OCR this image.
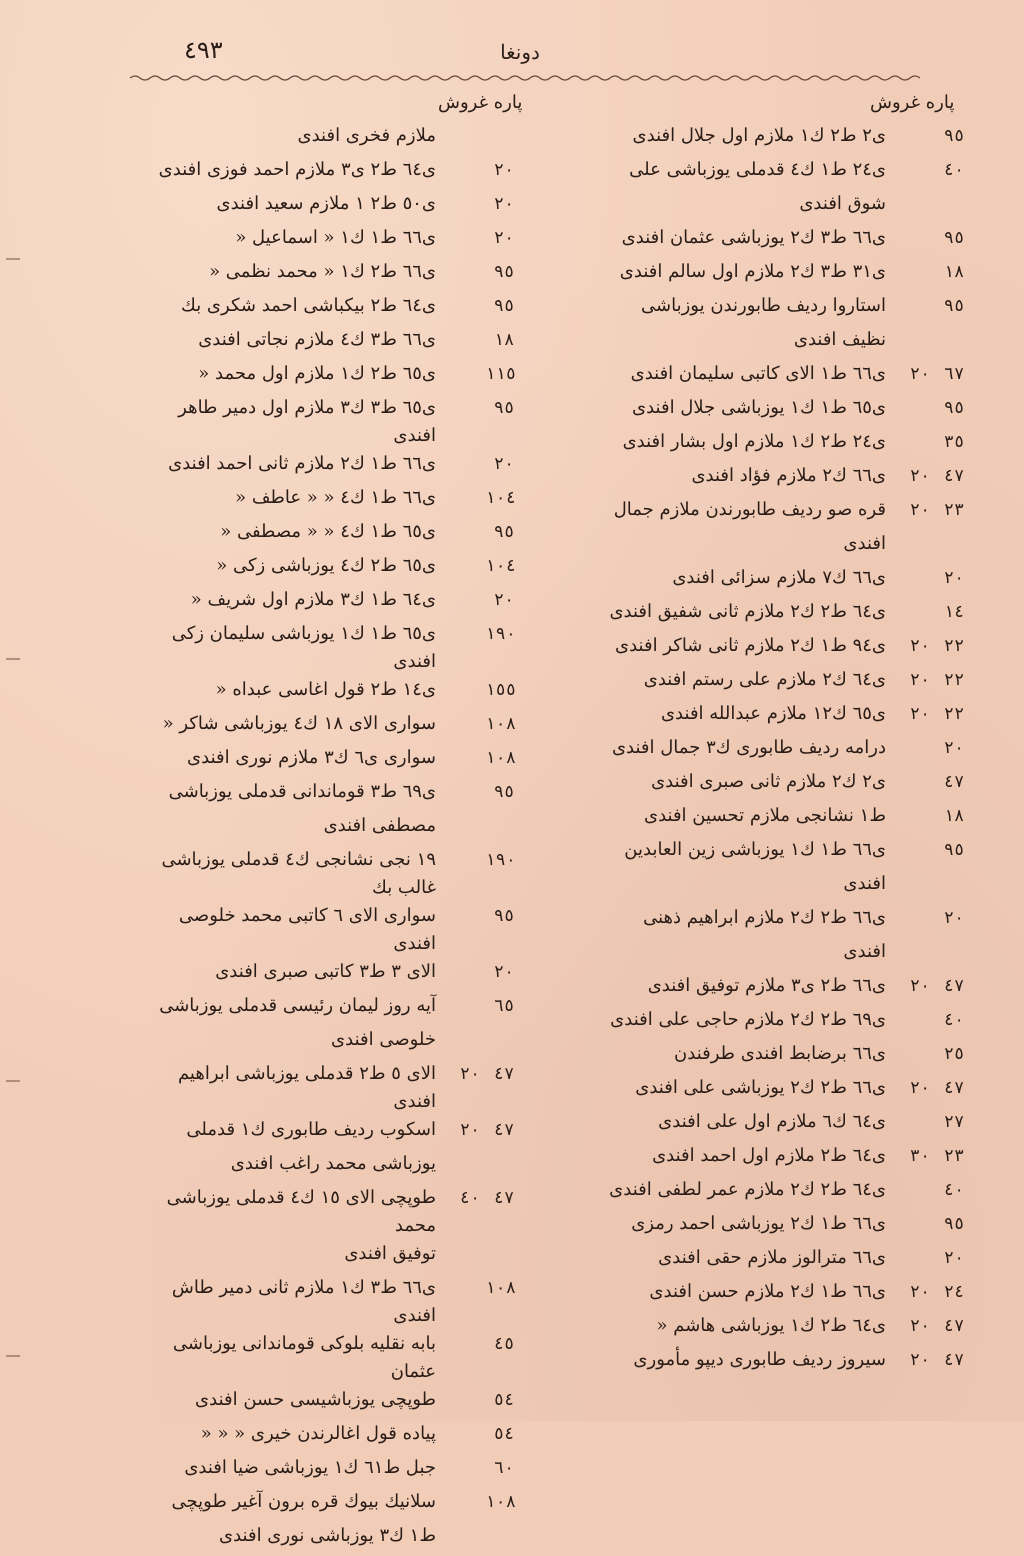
٤٩٣	دونغا
پاره غروش
پاره غروش
٩٥
ى٢ ط٢ ك١ ملازم اول جلال افندى
٤٠
ى٢٤ ط١ ك٤ قدملى يوزباشى على
شوق افندى
٩٥
ى٦٦ ط٣ ك٢ يوزباشى عثمان افندى
١٨
ى٣١ ط٣ ك٢ ملازم اول سالم افندى
٩٥
استاروا رديف طابورندن يوزباشى
نظيف افندى
٢٠ ٦٧
ى٦٦ ط١ الاى كاتبى سليمان افندى
٩٥
ى٦٥ ط١ ك١ يوزباشى جلال افندى
٣٥
ى٢٤ ط٢ ك١ ملازم اول بشار افندى
٢٠ ٤٧
ى٦٦ ك٢ ملازم فؤاد افندى
٢٠ ٢٣
قره صو رديف طابورندن ملازم جمال
افندى
٢٠
ى٦٦ ك٧ ملازم سزائى افندى
١٤
ى٦٤ ط٢ ك٢ ملازم ثانى شفيق افندى
٢٠ ٢٢
ى٩٤ ط١ ك٢ ملازم ثانى شاكر افندى
٢٠ ٢٢
ى٦٤ ك٢ ملازم على رستم افندى
٢٠ ٢٢
ى٦٥ ك١٢ ملازم عبدالله افندى
٢٠
درامه رديف طابورى ك٣ جمال افندى
٤٧
ى٢ ك٢ ملازم ثانى صبرى افندى
١٨
ط١ نشانجى ملازم تحسين افندى
٩٥
ى٦٦ ط١ ك١ يوزباشى زين العابدين
افندى
٢٠
ى٦٦ ط٢ ك٢ ملازم ابراهيم ذهنى
افندى
٢٠ ٤٧
ى٦٦ ط٢ ى٣ ملازم توفيق افندى
٤٠
ى٦٩ ط٢ ك٢ ملازم حاجى على افندى
٢٥
ى٦٦ برضابط افندى طرفندن
٢٠ ٤٧
ى٦٦ ط٢ ك٢ يوزباشى على افندى
٢٧
ى٦٤ ك٦ ملازم اول على افندى
٣٠ ٢٣
ى٦٤ ط٢ ملازم اول احمد افندى
٤٠
ى٦٤ ط٢ ك٢ ملازم عمر لطفى افندى
٩٥
ى٦٦ ط١ ك٢ يوزباشى احمد رمزى
٢٠
ى٦٦ مترالوز ملازم حقى افندى
٢٠ ٢٤
ى٦٦ ط١ ك٢ ملازم حسن افندى
٢٠ ٤٧
ى٦٤ ط٢ ك١ يوزباشى هاشم «
٢٠ ٤٧
سيروز رديف طابورى ديپو مأمورى
ملازم فخرى افندى
٢٠
ى٦٤ ط٢ ى٣ ملازم احمد فوزى افندى
٢٠
ى٥٠ ط٢ ١ ملازم سعيد افندى
٢٠
ى٦٦ ط١ ك١ « اسماعيل «
٩٥
ى٦٦ ط٢ ك١ « محمد نظمى «
٩٥
ى٦٤ ط٢ بيكباشى احمد شكرى بك
١٨
ى٦٦ ط٣ ك٤ ملازم نجاتى افندى
١١٥
ى٦٥ ط٢ ك١ ملازم اول محمد «
٩٥
ى٦٥ ط٣ ك٣ ملازم اول دمير طاهر افندى
٢٠
ى٦٦ ط١ ك٢ ملازم ثانى احمد افندى
١٠٤
ى٦٦ ط١ ك٤ « « عاطف «
٩٥
ى٦٥ ط١ ك٤ « « مصطفى «
١٠٤
ى٦٥ ط٢ ك٤ يوزباشى زكى «
٢٠
ى٦٤ ط١ ك٣ ملازم اول شريف «
١٩٠
ى٦٥ ط١ ك١ يوزباشى سليمان زكى افندى
١٥٥
ى١٤ ط٢ قول اغاسى عبداه «
١٠٨
سوارى الاى ١٨ ك٤ يوزباشى شاكر «
١٠٨
سوارى ى٦ ك٣ ملازم نورى افندى
٩٥
ى٦٩ ط٣ قوماندانى قدملى يوزباشى
مصطفى افندى
١٩٠
١٩ نجى نشانجى ك٤ قدملى يوزباشى غالب بك
٩٥
سوارى الاى ٦ كاتبى محمد خلوصى افندى
٢٠
الاى ٣ ط٣ كاتبى صبرى افندى
٦٥
آيه روز ليمان رئيسى قدملى يوزباشى
خلوصى افندى
٢٠ ٤٧
الاى ٥ ط٢ قدملى يوزباشى ابراهيم افندى
٢٠ ٤٧
اسكوب رديف طابورى ك١ قدملى
يوزباشى محمد راغب افندى
٤٠ ٤٧
طوپچى الاى ١٥ ك٤ قدملى يوزباشى محمد
توفيق افندى
١٠٨
ى٦٦ ط٣ ك١ ملازم ثانى دمير طاش افندى
٤٥
بابه نقليه بلوكى قوماندانى يوزباشى عثمان
٥٤
طوپچى يوزباشيسى حسن افندى
٥٤
پياده قول اغالرندن خيرى « « «
٦٠
جبل ط٦١ ك١ يوزباشى ضيا افندى
١٠٨
سلانيك بيوك قره برون آغير طوپچى
ط١ ك٣ يوزباشى نورى افندى
